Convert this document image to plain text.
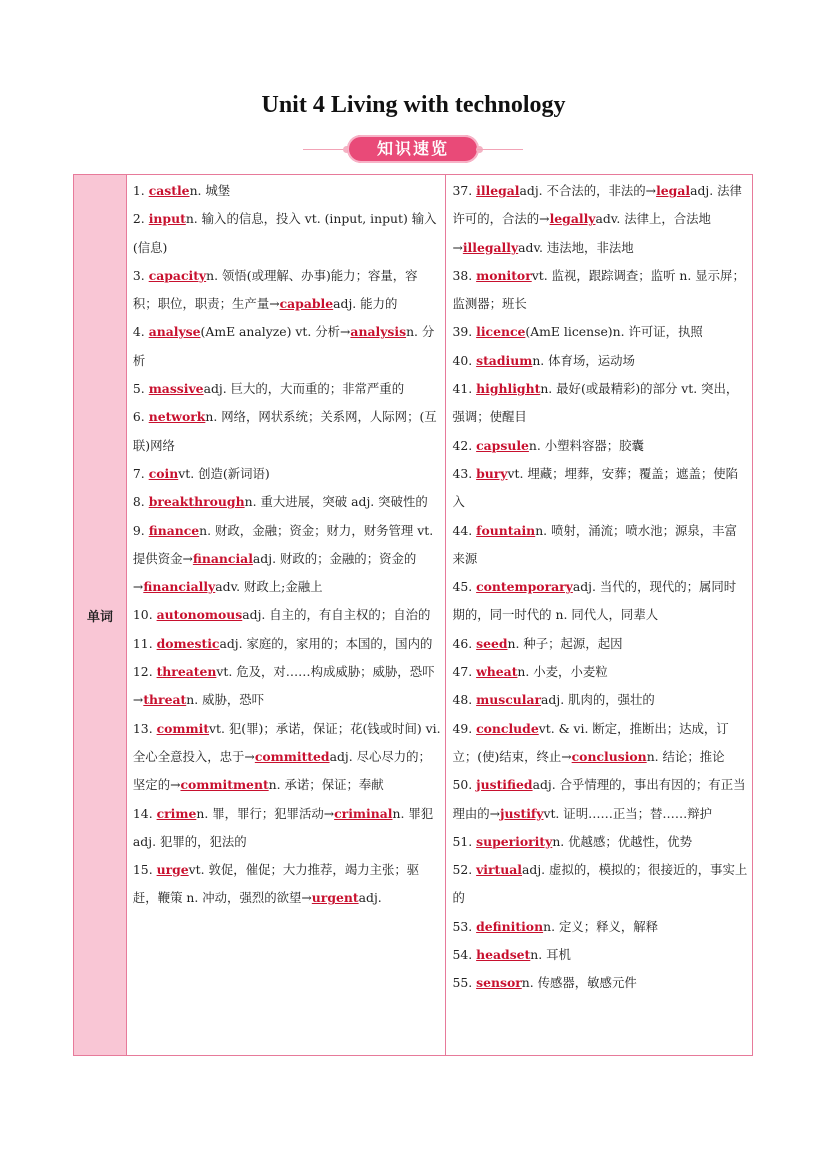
Unit 4 Living with technology
知识速览
单词

1. castlen. 城堡

2. inputn. 输入的信息，投入 vt. (input, input) 输入(信息)

3. capacityn. 领悟(或理解、办事)能力；容量，容积；职位，职责；生产量→capableadj. 能力的

4. analyse(AmE analyze) vt. 分析→analysisn. 分析

5. massiveadj. 巨大的，大而重的；非常严重的

6. networkn. 网络，网状系统；关系网，人际网；(互联)网络

7. coinvt. 创造(新词语)

8. breakthroughn. 重大进展，突破 adj. 突破性的

9. financen. 财政，金融；资金；财力，财务管理 vt. 提供资金→financialadj. 财政的；金融的；资金的→financiallyadv. 财政上;金融上

10. autonomousadj. 自主的，有自主权的；自治的

11. domesticadj. 家庭的，家用的；本国的，国内的

12. threatenvt. 危及，对……构成威胁；威胁，恐吓→threatn. 威胁，恐吓

13. commitvt. 犯(罪)；承诺，保证；花(钱或时间) vi. 全心全意投入，忠于→committedadj. 尽心尽力的；坚定的→commitmentn. 承诺；保证；奉献

14. crimen. 罪，罪行；犯罪活动→criminaln. 罪犯 adj. 犯罪的，犯法的

15. urgevt. 敦促，催促；大力推荐，竭力主张；驱赶，鞭策 n. 冲动，强烈的欲望→urgentadj.

37. illegaladj. 不合法的，非法的→legaladj. 法律许可的，合法的→legallyadv. 法律上，合法地→illegallyadv. 违法地，非法地

38. monitorvt. 监视，跟踪调查；监听 n. 显示屏；监测器；班长

39. licence(AmE license)n. 许可证，执照

40. stadiumn. 体育场，运动场

41. highlightn. 最好(或最精彩)的部分 vt. 突出，强调；使醒目

42. capsulen. 小塑料容器；胶囊

43. buryvt. 埋藏；埋葬，安葬；覆盖；遮盖；使陷入

44. fountainn. 喷射，涌流；喷水池；源泉，丰富来源

45. contemporaryadj. 当代的，现代的；属同时期的，同一时代的 n. 同代人，同辈人

46. seedn. 种子；起源，起因

47. wheatn. 小麦，小麦粒

48. muscularadj. 肌肉的，强壮的

49. concludevt. & vi. 断定，推断出；达成，订立；(使)结束，终止→conclusionn. 结论；推论

50. justifiedadj. 合乎情理的，事出有因的；有正当理由的→justifyvt. 证明……正当；替……辩护

51. superiorityn. 优越感；优越性，优势

52. virtualadj. 虚拟的，模拟的；很接近的，事实上的

53. definitionn. 定义；释义，解释

54. headsetn. 耳机

55. sensorn. 传感器，敏感元件
